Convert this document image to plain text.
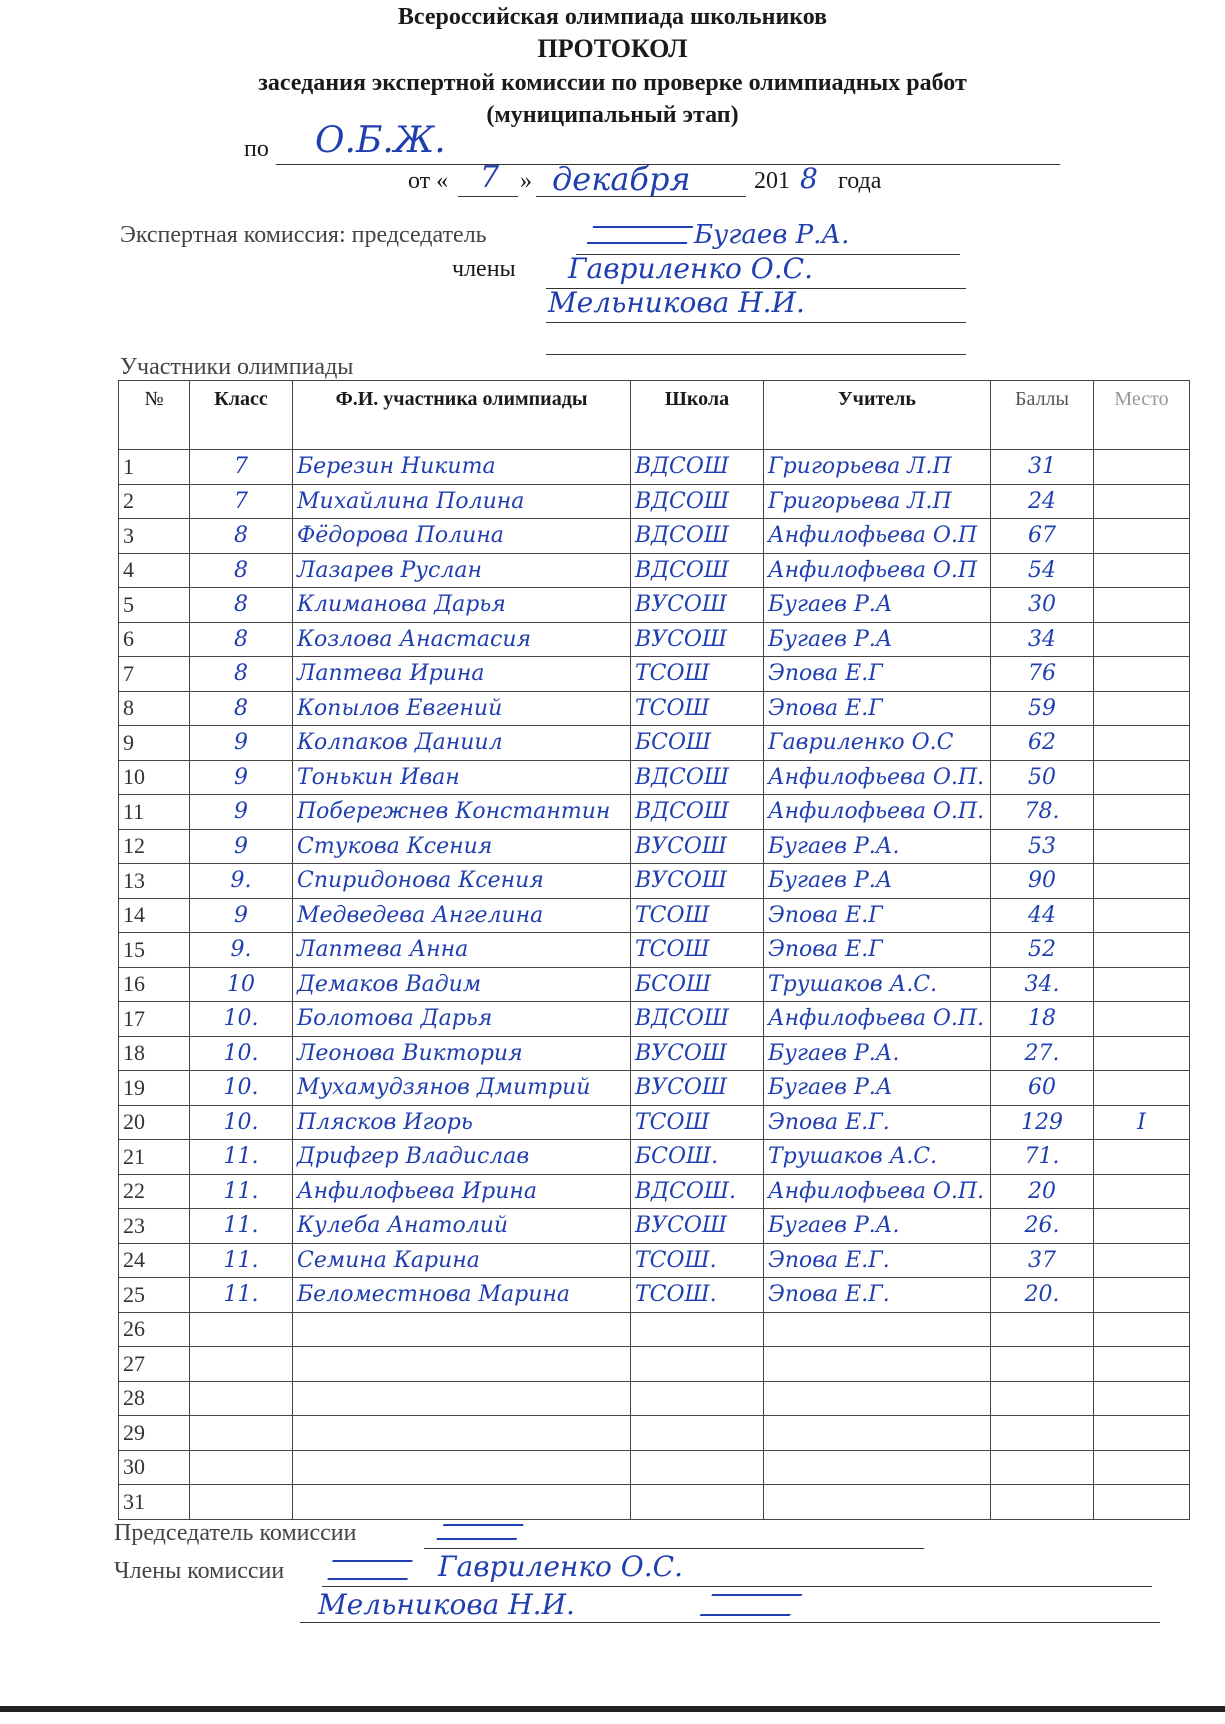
Всероссийская олимпиада школьников
ПРОТОКОЛ
заседания экспертной комиссии по проверке олимпиадных работ
(муниципальный этап)
по О.Б.Ж.
от « 7 » декабря	201 8 года
Экспертная комиссия: председатель	Бугаев Р.А.
члены Гавриленко О.С.
Мельникова Н.И.
Участники олимпиады
№	Класс	Ф.И. участника олимпиады	Школа	Учитель	Баллы	Место
1	7	Березин Никита	ВДСОШ	Григорьева Л.П	31	
2	7	Михайлина Полина	ВДСОШ	Григорьева Л.П	24	
3	8	Фёдорова Полина	ВДСОШ	Анфилофьева О.П	67	
4	8	Лазарев Руслан	ВДСОШ	Анфилофьева О.П	54	
5	8	Климанова Дарья	ВУСОШ	Бугаев Р.А	30	
6	8	Козлова Анастасия	ВУСОШ	Бугаев Р.А	34	
7	8	Лаптева Ирина	ТСОШ	Эпова Е.Г	76	
8	8	Копылов Евгений	ТСОШ	Эпова Е.Г	59	
9	9	Колпаков Даниил	БСОШ	Гавриленко О.С	62	
10	9	Тонькин Иван	ВДСОШ	Анфилофьева О.П.	50	
11	9	Побережнев Константин	ВДСОШ	Анфилофьева О.П.	78.	
12	9	Стукова Ксения	ВУСОШ	Бугаев Р.А.	53	
13	9.	Спиридонова Ксения	ВУСОШ	Бугаев Р.А	90	
14	9	Медведева Ангелина	ТСОШ	Эпова Е.Г	44	
15	9.	Лаптева Анна	ТСОШ	Эпова Е.Г	52	
16	10	Демаков Вадим	БСОШ	Трушаков А.С.	34.	
17	10.	Болотова Дарья	ВДСОШ	Анфилофьева О.П.	18	
18	10.	Леонова Виктория	ВУСОШ	Бугаев Р.А.	27.	
19	10.	Мухамудзянов Дмитрий	ВУСОШ	Бугаев Р.А	60	
20	10.	Плясков Игорь	ТСОШ	Эпова Е.Г.	129	I
21	11.	Дрифгер Владислав	БСОШ.	Трушаков А.С.	71.	
22	11.	Анфилофьева Ирина	ВДСОШ.	Анфилофьева О.П.	20	
23	11.	Кулеба Анатолий	ВУСОШ	Бугаев Р.А.	26.	
24	11.	Семина Карина	ТСОШ.	Эпова Е.Г.	37	
25	11.	Беломестнова Марина	ТСОШ.	Эпова Е.Г.	20.	
26						
27						
28						
29						
30						
31						
Председатель комиссии
Члены комиссии	Гавриленко О.С.
Мельникова Н.И.
